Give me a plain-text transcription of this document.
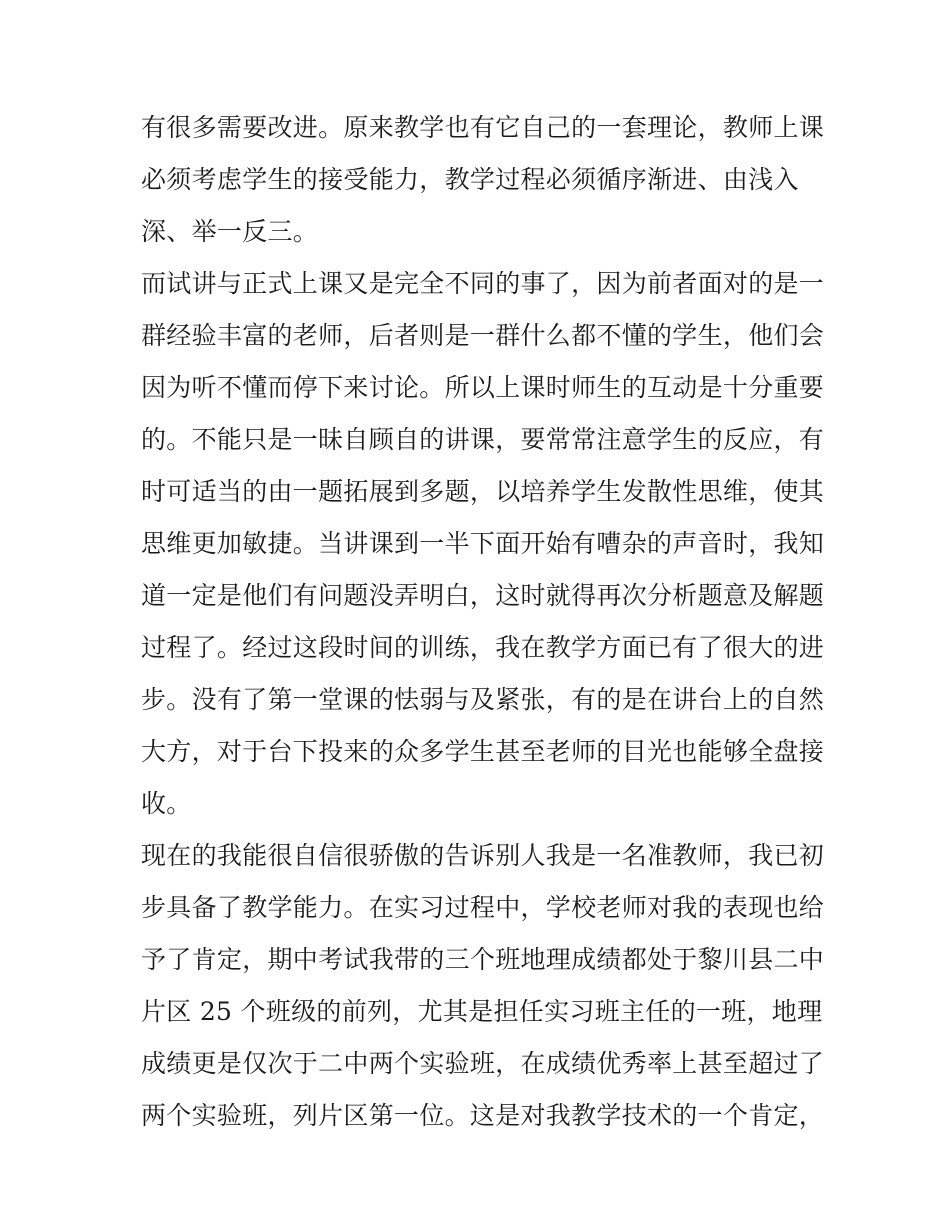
有很多需要改进。原来教学也有它自己的一套理论，教师上课
必须考虑学生的接受能力，教学过程必须循序渐进、由浅入
深、举一反三。
而试讲与正式上课又是完全不同的事了，因为前者面对的是一
群经验丰富的老师，后者则是一群什么都不懂的学生，他们会
因为听不懂而停下来讨论。所以上课时师生的互动是十分重要
的。不能只是一昧自顾自的讲课，要常常注意学生的反应，有
时可适当的由一题拓展到多题，以培养学生发散性思维，使其
思维更加敏捷。当讲课到一半下面开始有嘈杂的声音时，我知
道一定是他们有问题没弄明白，这时就得再次分析题意及解题
过程了。经过这段时间的训练，我在教学方面已有了很大的进
步。没有了第一堂课的怯弱与及紧张，有的是在讲台上的自然
大方，对于台下投来的众多学生甚至老师的目光也能够全盘接
收。
现在的我能很自信很骄傲的告诉别人我是一名准教师，我已初
步具备了教学能力。在实习过程中，学校老师对我的表现也给
予了肯定，期中考试我带的三个班地理成绩都处于黎川县二中
片区 25 个班级的前列，尤其是担任实习班主任的一班，地理
成绩更是仅次于二中两个实验班，在成绩优秀率上甚至超过了
两个实验班，列片区第一位。这是对我教学技术的一个肯定，
